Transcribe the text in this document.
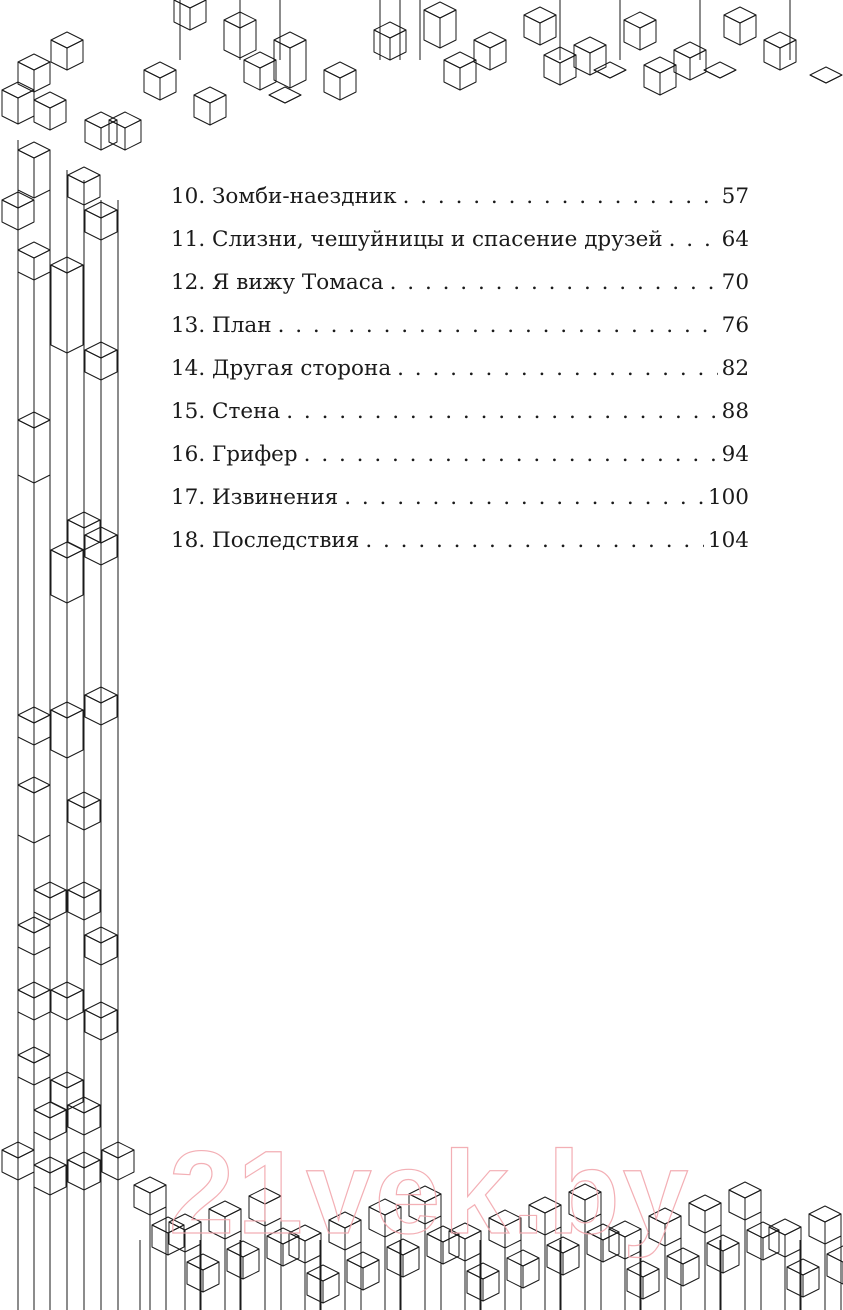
10. Зомби-наездник . . .	57
11. Слизни, чешуйницы и спасение друзей . . .	64
12. Я вижу Томаса . . .	70
13. План . . .	76
14. Другая сторона . . .	82
15. Стена . . .	88
16. Грифер . . .	94
17. Извинения . . .	100
18. Последствия . . .	104
21vek.by
